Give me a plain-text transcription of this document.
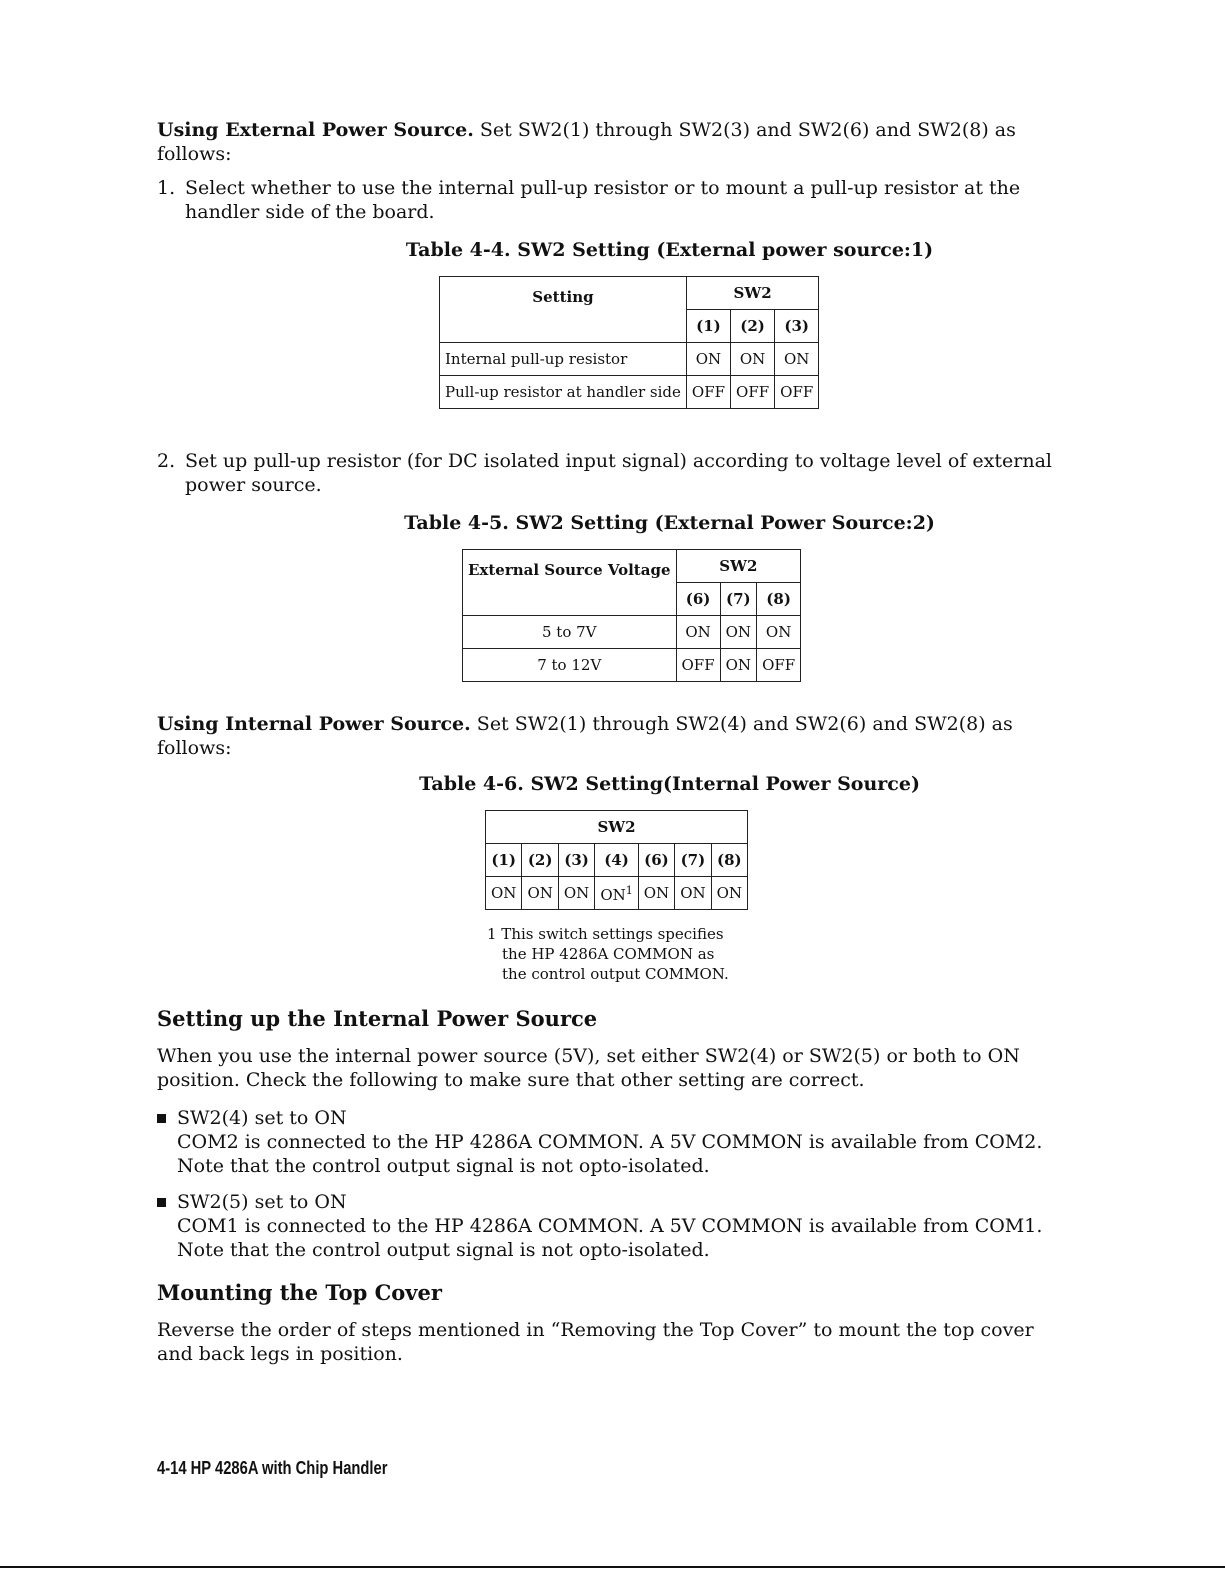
Using External Power Source. Set SW2(1) through SW2(3) and SW2(6) and SW2(8) as follows:

1. Select whether to use the internal pull-up resistor or to mount a pull-up resistor at the handler side of the board.
Table 4-4. SW2 Setting (External power source:1)
Setting	SW2		
	(1)	(2)	(3)
Internal pull-up resistor	ON	ON	ON
Pull-up resistor at handler side	OFF	OFF	OFF
2. Set up pull-up resistor (for DC isolated input signal) according to voltage level of external power source.
Table 4-5. SW2 Setting (External Power Source:2)
External Source Voltage	SW2		
	(6)	(7)	(8)
5 to 7V	ON	ON	ON
7 to 12V	OFF	ON	OFF

Using Internal Power Source. Set SW2(1) through SW2(4) and SW2(6) and SW2(8) as follows:

Table 4-6. SW2 Setting(Internal Power Source)
SW2						
(1)	(2)	(3)	(4)	(6)	(7)	(8)
ON	ON	ON	$ON^1$	ON	ON	ON
1 This switch settings specifies
the HP 4286A COMMON as
the control output COMMON.
Setting up the Internal Power Source

When you use the internal power source (5V), set either SW2(4) or SW2(5) or both to ON position. Check the following to make sure that other setting are correct.

SW2(4) set to ON
COM2 is connected to the HP 4286A COMMON. A 5V COMMON is available from COM2.
Note that the control output signal is not opto-isolated.
SW2(5) set to ON
COM1 is connected to the HP 4286A COMMON. A 5V COMMON is available from COM1.
Note that the control output signal is not opto-isolated.
Mounting the Top Cover

Reverse the order of steps mentioned in “Removing the Top Cover” to mount the top cover and back legs in position.

4-14 HP 4286A with Chip Handler
